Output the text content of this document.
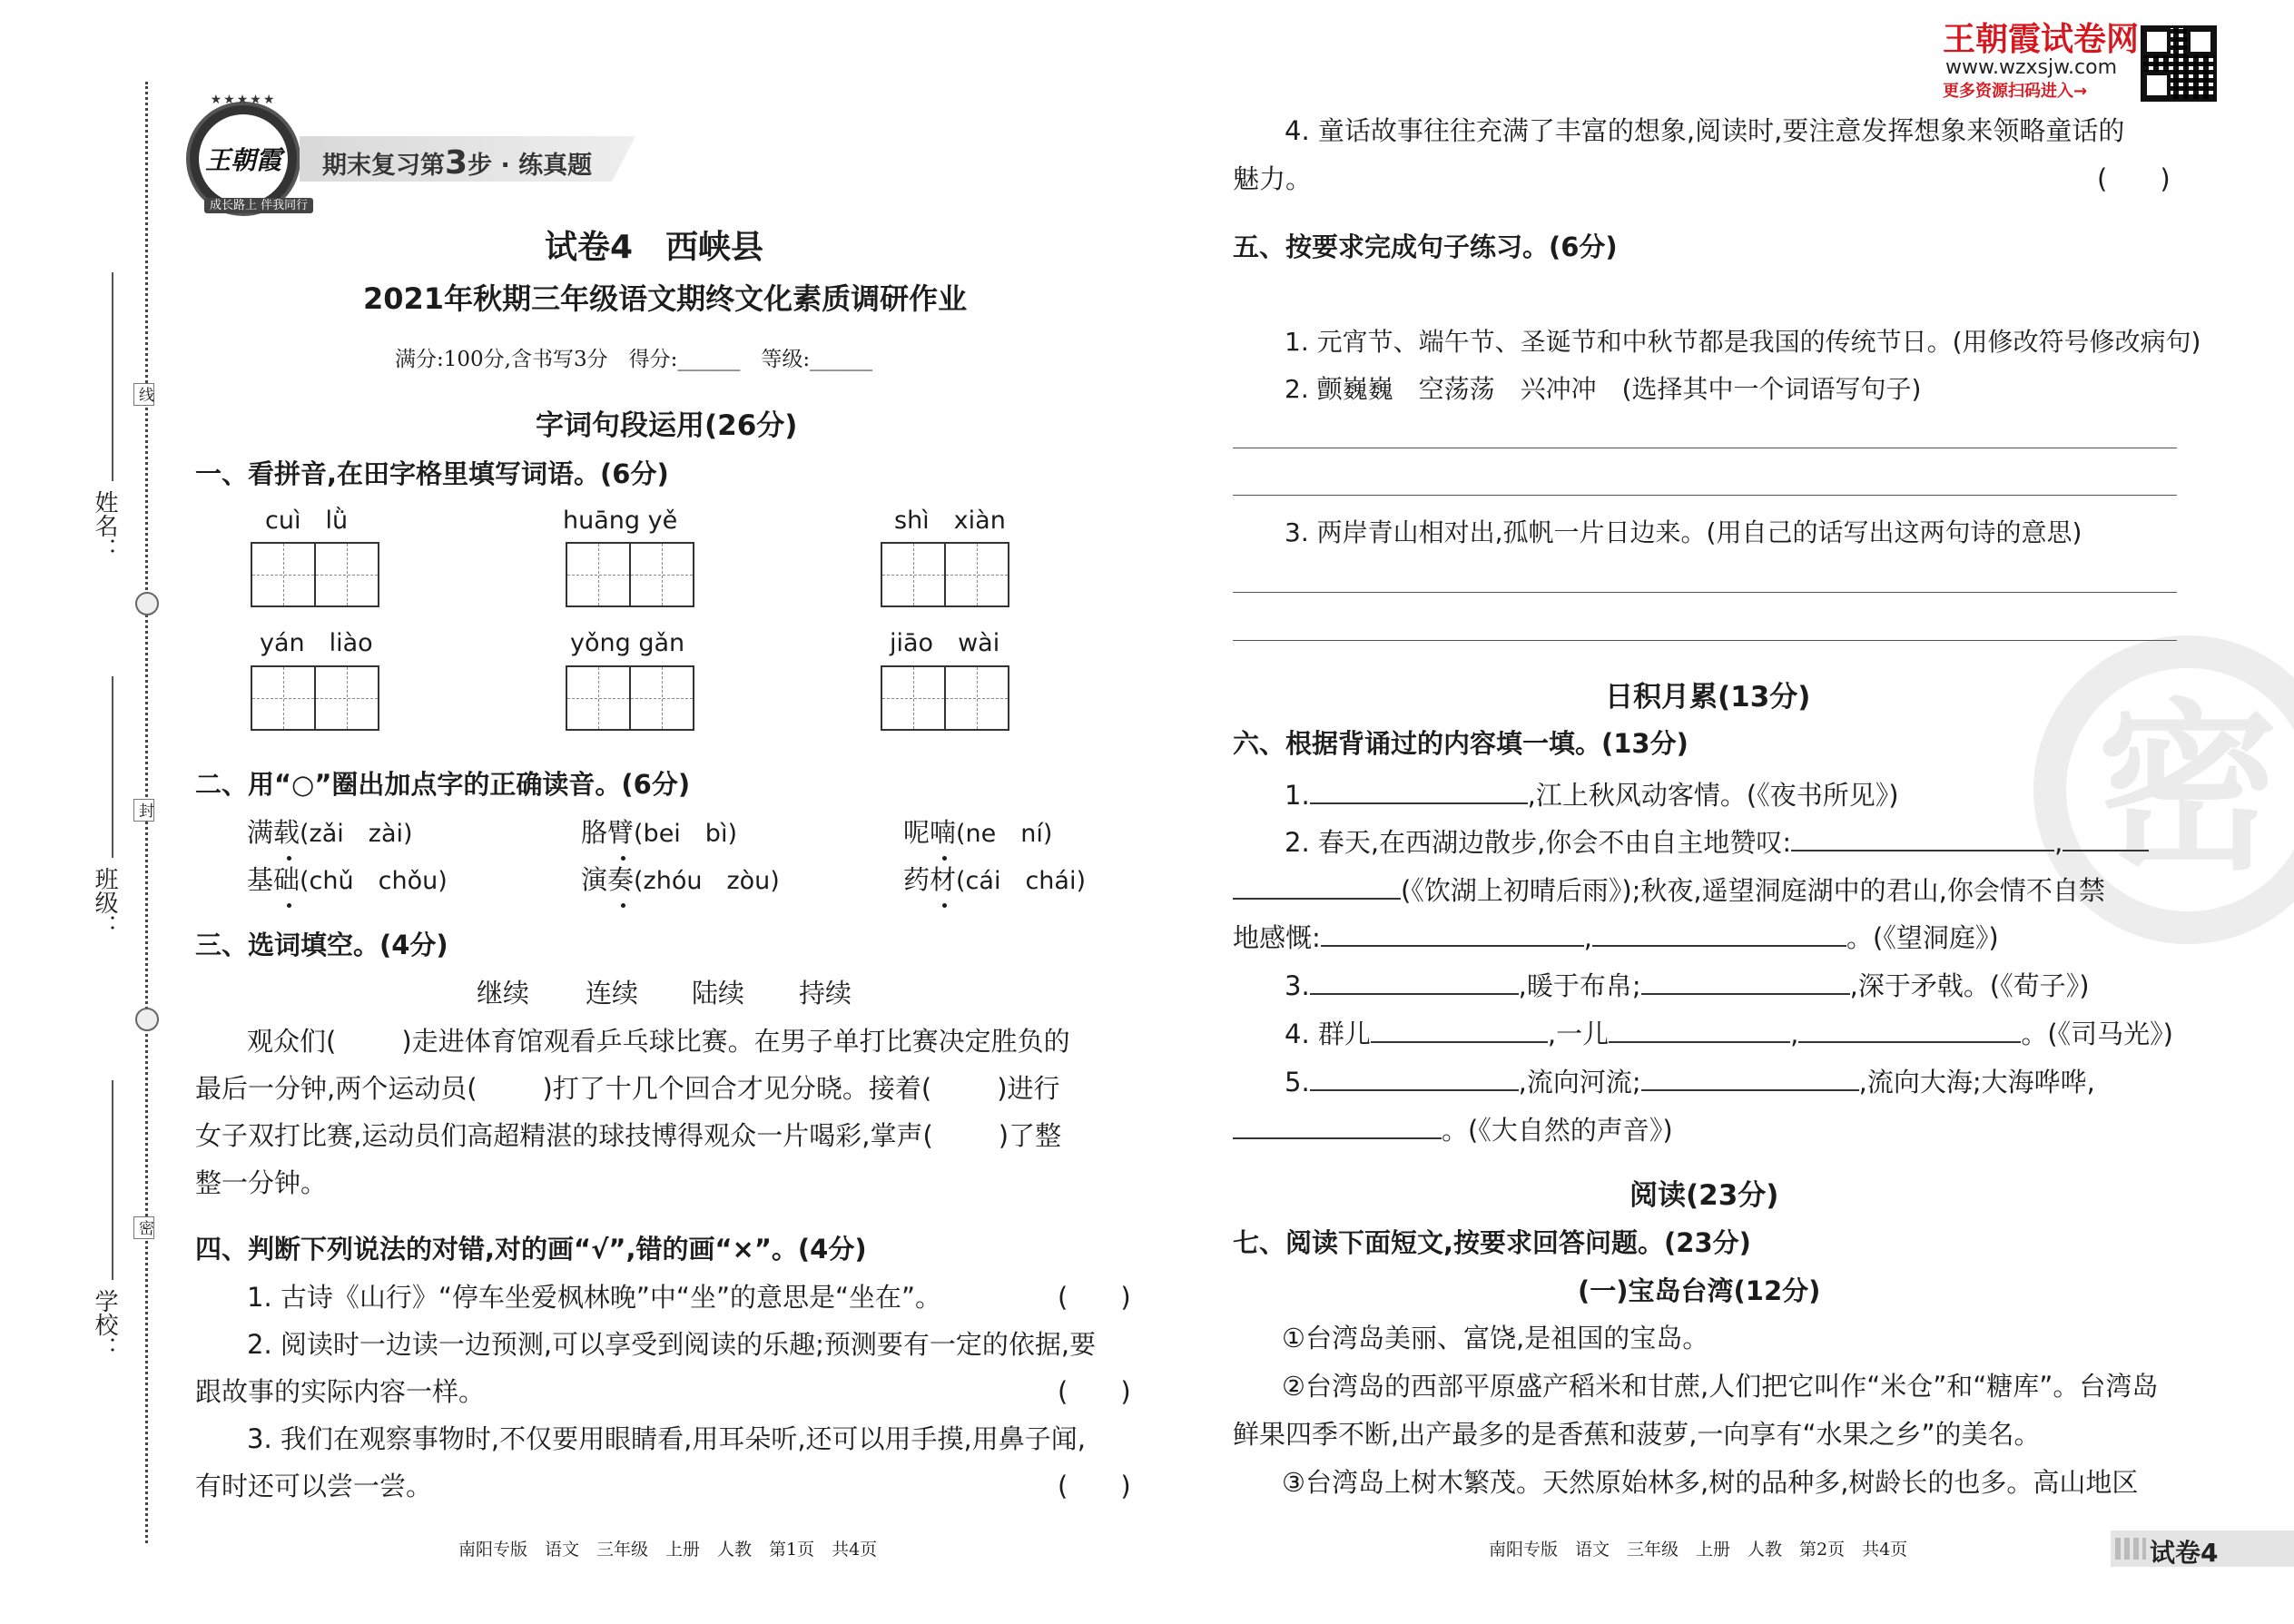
姓名：
班级：
学校：
线
封
密
王朝霞
★★★★★
成长路上 伴我同行
期末复习第3步 · 练真题
王朝霞试卷网
www.wzxsjw.com
更多资源扫码进入→
密
试卷4　西峡县
2021年秋期三年级语文期终文化素质调研作业
满分:100分,含书写3分　得分:______　等级:______
字词句段运用(26分)
一、看拼音,在田字格里填写词语。(6分)
cuì　lǜ	huāng yě	shì　xiàn
yán　liào	yǒng gǎn	jiāo　wài
二、用“○”圈出加点字的正确读音。(6分)
满载(zǎi　zài)	胳臂(bei　bì)	呢喃(ne　ní)
基础(chǔ　chǒu)	演奏(zhóu　zòu)	药材(cái　chái)
三、选词填空。(4分)
继续 连续 陆续 持续
观众们( )走进体育馆观看乒乓球比赛。在男子单打比赛决定胜负的
最后一分钟,两个运动员( )打了十几个回合才见分晓。接着( )进行
女子双打比赛,运动员们高超精湛的球技博得观众一片喝彩,掌声( )了整
整一分钟。
四、判断下列说法的对错,对的画“√”,错的画“×”。(4分)
1. 古诗《山行》“停车坐爱枫林晚”中“坐”的意思是“坐在”。	(　　)
2. 阅读时一边读一边预测,可以享受到阅读的乐趣;预测要有一定的依据,要
跟故事的实际内容一样。	(　　)
3. 我们在观察事物时,不仅要用眼睛看,用耳朵听,还可以用手摸,用鼻子闻,
有时还可以尝一尝。	(　　)
南阳专版　语文　三年级　上册　人教　第1页　共4页
4. 童话故事往往充满了丰富的想象,阅读时,要注意发挥想象来领略童话的
魅力。	(　　)
五、按要求完成句子练习。(6分)
1. 元宵节、端午节、圣诞节和中秋节都是我国的传统节日。(用修改符号修改病句)
2. 颤巍巍　空荡荡　兴冲冲　(选择其中一个词语写句子)
3. 两岸青山相对出,孤帆一片日边来。(用自己的话写出这两句诗的意思)
日积月累(13分)
六、根据背诵过的内容填一填。(13分)
1.	,江上秋风动客情。(《夜书所见》)
2. 春天,在西湖边散步,你会不由自主地赞叹:	,
(《饮湖上初晴后雨》);秋夜,遥望洞庭湖中的君山,你会情不自禁
地感慨:	,	。(《望洞庭》)
3.	,暖于布帛;	,深于矛戟。(《荀子》)
4. 群儿	,一儿	,	。(《司马光》)
5.	,流向河流;	,流向大海;大海哗哗,
。(《大自然的声音》)
阅读(23分)
七、阅读下面短文,按要求回答问题。(23分)
(一)宝岛台湾(12分)
①台湾岛美丽、富饶,是祖国的宝岛。
②台湾岛的西部平原盛产稻米和甘蔗,人们把它叫作“米仓”和“糖库”。台湾岛
鲜果四季不断,出产最多的是香蕉和菠萝,一向享有“水果之乡”的美名。
③台湾岛上树木繁茂。天然原始林多,树的品种多,树龄长的也多。高山地区
南阳专版　语文　三年级　上册　人教　第2页　共4页	试卷4
